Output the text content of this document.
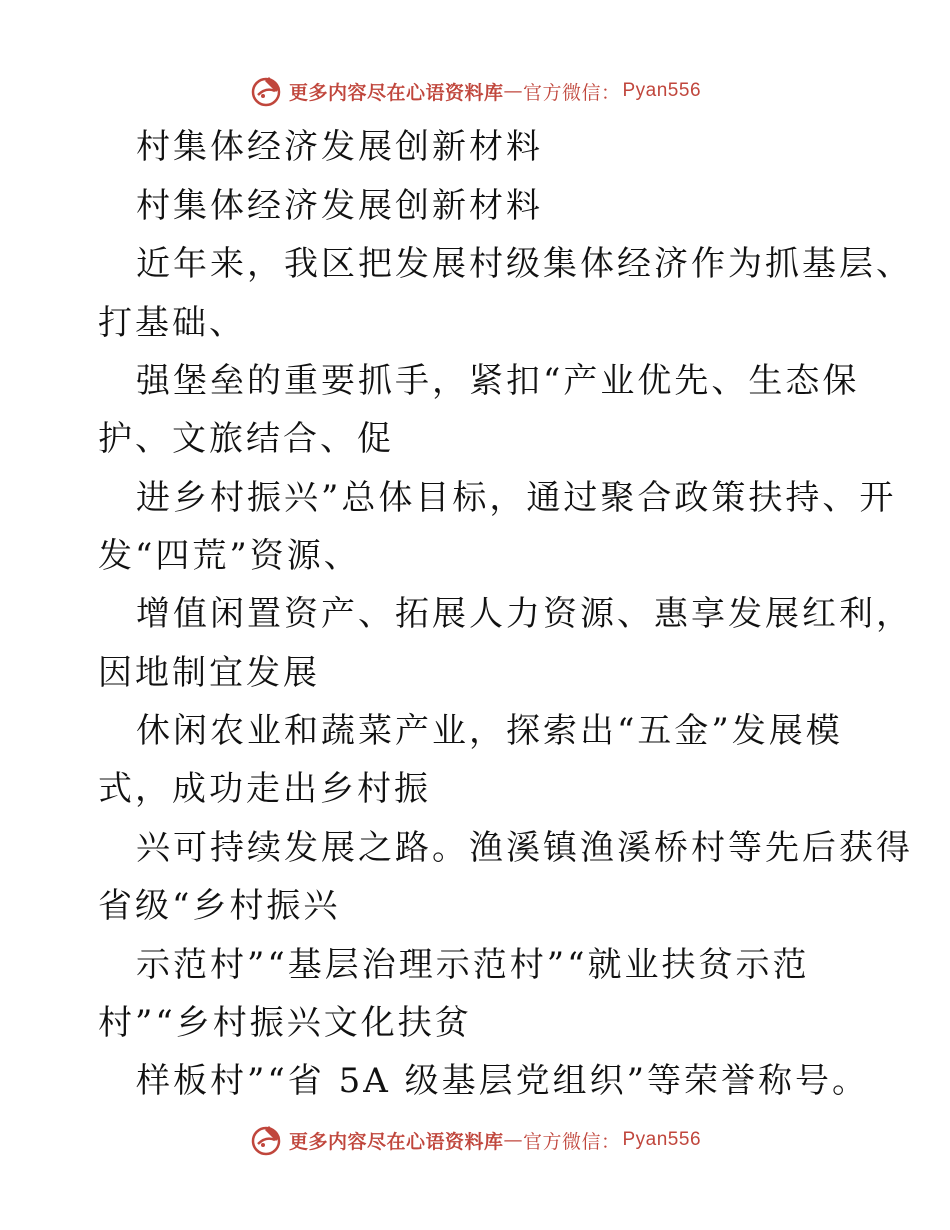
更多内容尽在心语资料库 — 官方微信： Pyan556
村集体经济发展创新材料
村集体经济发展创新材料
近年来，我区把发展村级集体经济作为抓基层、
打基础、
强堡垒的重要抓手，紧扣“产业优先、生态保
护、文旅结合、促
进乡村振兴”总体目标，通过聚合政策扶持、开
发“四荒”资源、
增值闲置资产、拓展人力资源、惠享发展红利，
因地制宜发展
休闲农业和蔬菜产业，探索出“五金”发展模
式，成功走出乡村振
兴可持续发展之路。渔溪镇渔溪桥村等先后获得
省级“乡村振兴
示范村”“基层治理示范村”“就业扶贫示范
村”“乡村振兴文化扶贫
样板村”“省 5A 级基层党组织”等荣誉称号。
更多内容尽在心语资料库 — 官方微信： Pyan556
